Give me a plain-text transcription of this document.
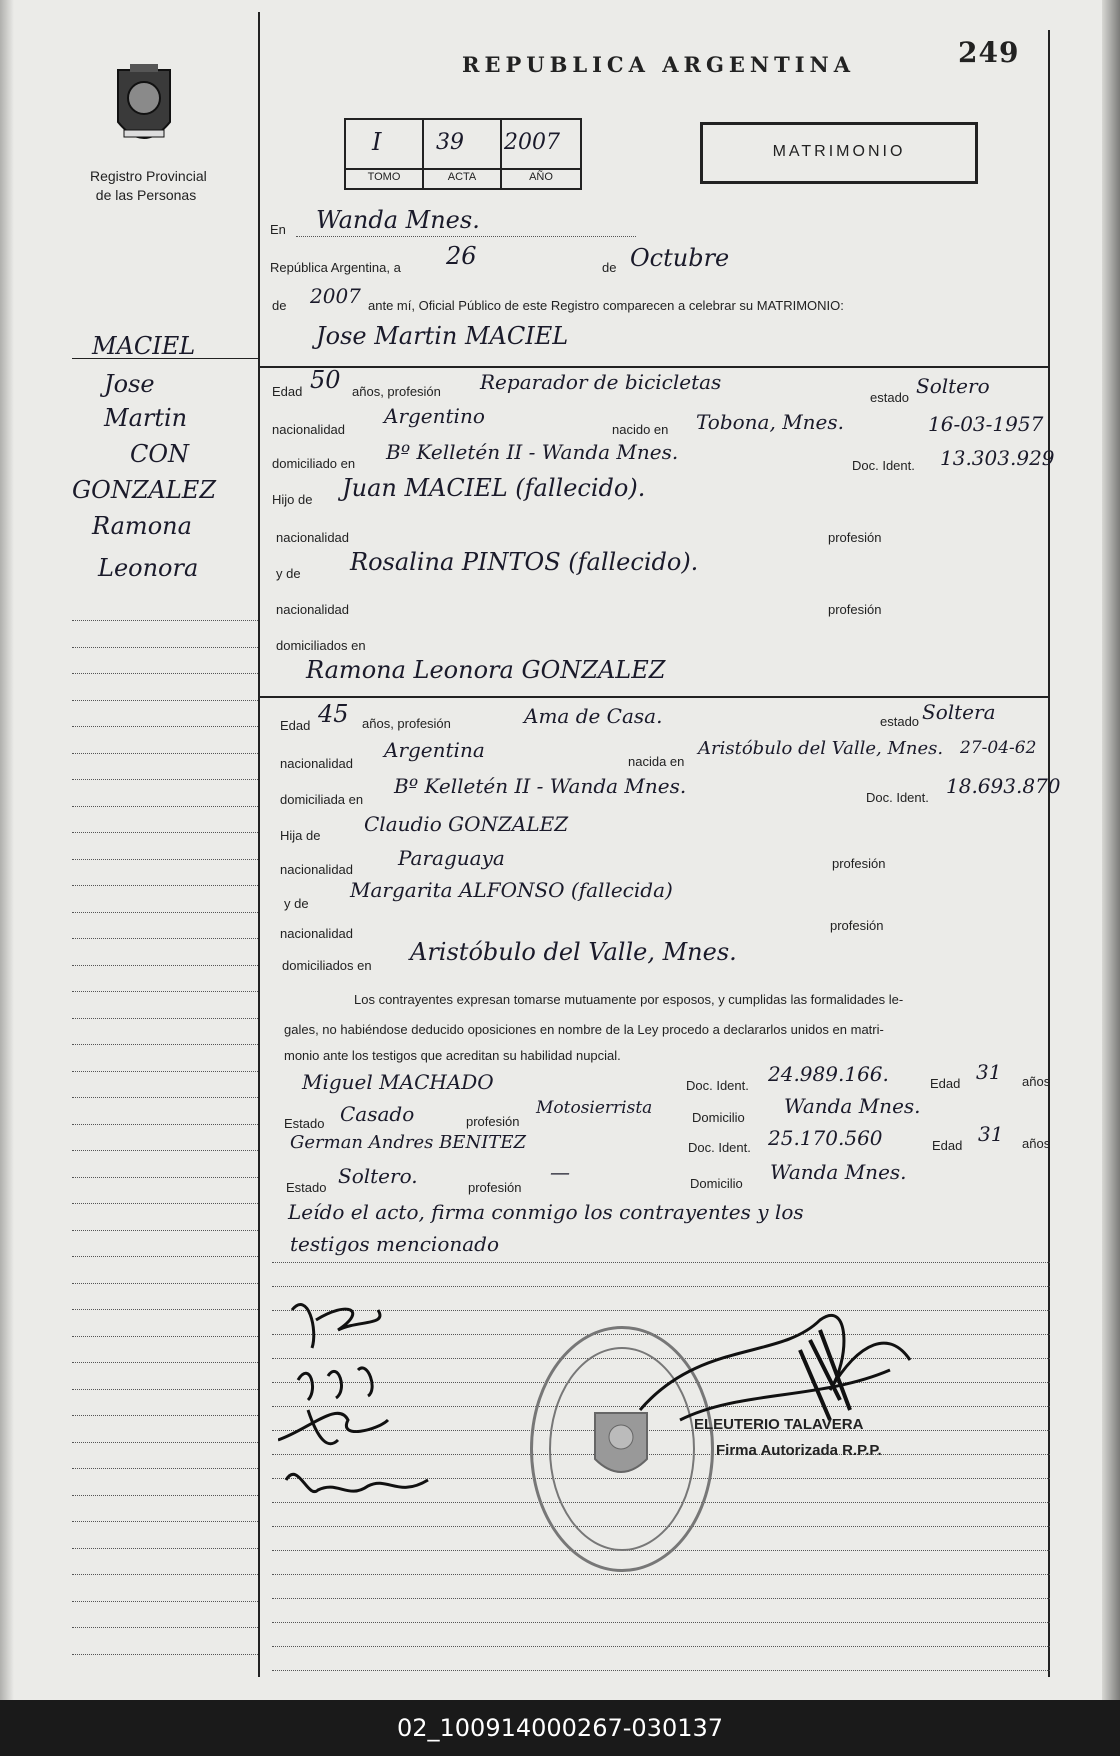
Registro Provincial
de las Personas
REPUBLICA ARGENTINA	249
I 39 2007
TOMO	ACTA	AÑO
MATRIMONIO
MACIEL
Jose
Martin
CON
GONZALEZ
Ramona
Leonora
En Wanda Mnes.
República Argentina, a 26	de Octubre
de 2007 ante mí, Oficial Público de este Registro comparecen a celebrar su MATRIMONIO:
Jose Martin MACIEL
Edad 50 años, profesión Reparador de bicicletas
estado Soltero
nacionalidad
Argentino
nacido en Tobona, Mnes.	16-03-1957
domiciliado en Bº Kelletén II - Wanda Mnes.
Doc. Ident. 13.303.929
Hijo de Juan MACIEL (fallecido).
nacionalidad	profesión
y de Rosalina PINTOS (fallecido).
nacionalidad	profesión
domiciliados en
Ramona Leonora GONZALEZ
Edad 45 años, profesión	Ama de Casa.	estado Soltera
nacionalidad
Argentina	nacida en
Aristóbulo del Valle, Mnes. 27-04-62
domiciliada en
Bº Kelletén II - Wanda Mnes.	Doc. Ident. 18.693.870
Hija de Claudio GONZALEZ
nacionalidad Paraguaya	profesión
y de
Margarita ALFONSO (fallecida)
nacionalidad
profesión
domiciliados en Aristóbulo del Valle, Mnes.
Los contrayentes expresan tomarse mutuamente por esposos, y cumplidas las formalidades le-
gales, no habiéndose deducido oposiciones en nombre de la Ley procedo a declararlos unidos en matri-
monio ante los testigos que acreditan su habilidad nupcial.
Miguel MACHADO	Doc. Ident. 24.989.166.	Edad 31 años
Estado Casado	profesión
Motosierrista	Domicilio Wanda Mnes.
German Andres BENITEZ	Doc. Ident. 25.170.560	Edad 31 años
Estado Soltero.	profesión
—	Domicilio Wanda Mnes.
Leído el acto, firma conmigo los contrayentes y los
testigos mencionado
ELEUTERIO TALAVERA
Firma Autorizada R.P.P.
02_100914000267-030137
